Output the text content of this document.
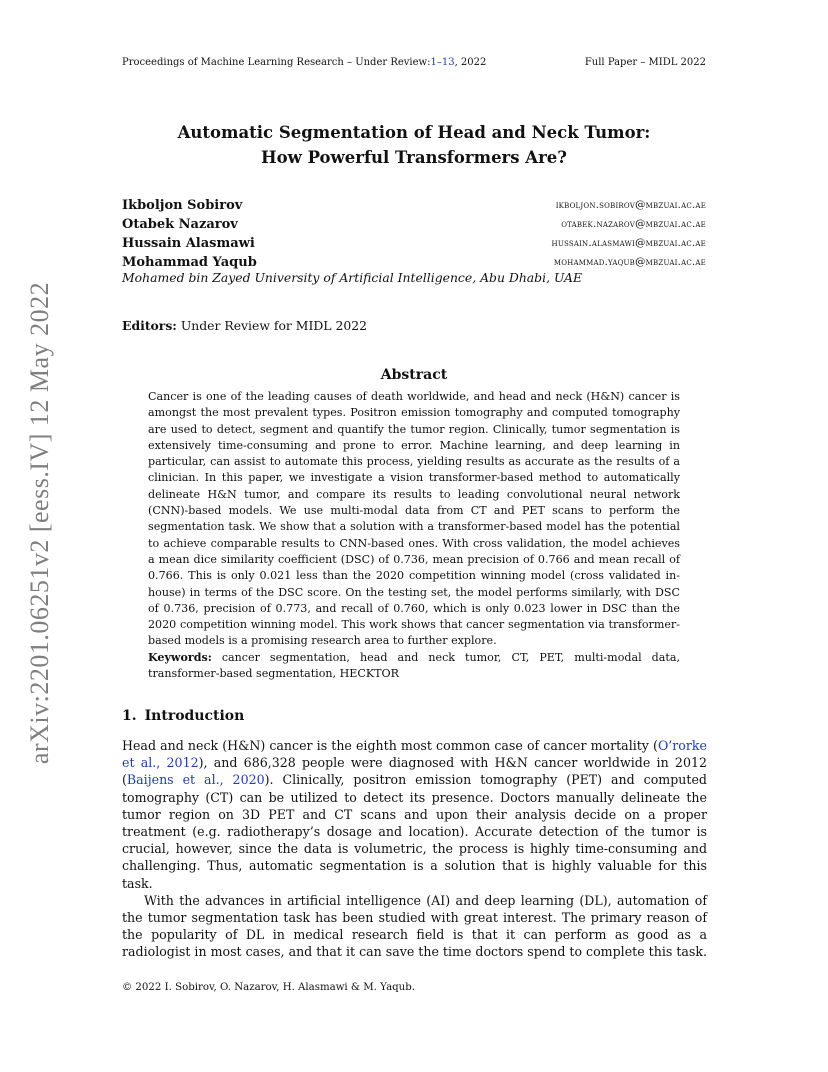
Proceedings of Machine Learning Research – Under Review:1–13, 2022	Full Paper – MIDL 2022
arXiv:2201.06251v2 [eess.IV] 12 May 2022
Automatic Segmentation of Head and Neck Tumor:
How Powerful Transformers Are?
Ikboljon Sobirov	ikboljon.sobirov@mbzuai.ac.ae
Otabek Nazarov	otabek.nazarov@mbzuai.ac.ae
Hussain Alasmawi	hussain.alasmawi@mbzuai.ac.ae
Mohammad Yaqub	mohammad.yaqub@mbzuai.ac.ae
Mohamed bin Zayed University of Artificial Intelligence, Abu Dhabi, UAE
Editors: Under Review for MIDL 2022
Abstract

Cancer is one of the leading causes of death worldwide, and head and neck (H&N) cancer is amongst the most prevalent types. Positron emission tomography and computed tomography are used to detect, segment and quantify the tumor region. Clinically, tumor segmentation is extensively time-consuming and prone to error. Machine learning, and deep learning in particular, can assist to automate this process, yielding results as accurate as the results of a clinician. In this paper, we investigate a vision transformer-based method to automatically delineate H&N tumor, and compare its results to leading convolutional neural network (CNN)-based models. We use multi-modal data from CT and PET scans to perform the segmentation task. We show that a solution with a transformer-based model has the potential to achieve comparable results to CNN-based ones. With cross validation, the model achieves a mean dice similarity coefficient (DSC) of 0.736, mean precision of 0.766 and mean recall of 0.766. This is only 0.021 less than the 2020 competition winning model (cross validated in-house) in terms of the DSC score. On the testing set, the model performs similarly, with DSC of 0.736, precision of 0.773, and recall of 0.760, which is only 0.023 lower in DSC than the 2020 competition winning model. This work shows that cancer segmentation via transformer-based models is a promising research area to further explore.

Keywords: cancer segmentation, head and neck tumor, CT, PET, multi-modal data, transformer-based segmentation, HECKTOR

1. Introduction

Head and neck (H&N) cancer is the eighth most common case of cancer mortality (O’rorke et al., 2012), and 686,328 people were diagnosed with H&N cancer worldwide in 2012 (Baijens et al., 2020). Clinically, positron emission tomography (PET) and computed tomography (CT) can be utilized to detect its presence. Doctors manually delineate the tumor region on 3D PET and CT scans and upon their analysis decide on a proper treatment (e.g. radiotherapy’s dosage and location). Accurate detection of the tumor is crucial, however, since the data is volumetric, the process is highly time-consuming and challenging. Thus, automatic segmentation is a solution that is highly valuable for this task.

With the advances in artificial intelligence (AI) and deep learning (DL), automation of the tumor segmentation task has been studied with great interest. The primary reason of the popularity of DL in medical research field is that it can perform as good as a radiologist in most cases, and that it can save the time doctors spend to complete this task.

© 2022 I. Sobirov, O. Nazarov, H. Alasmawi & M. Yaqub.
